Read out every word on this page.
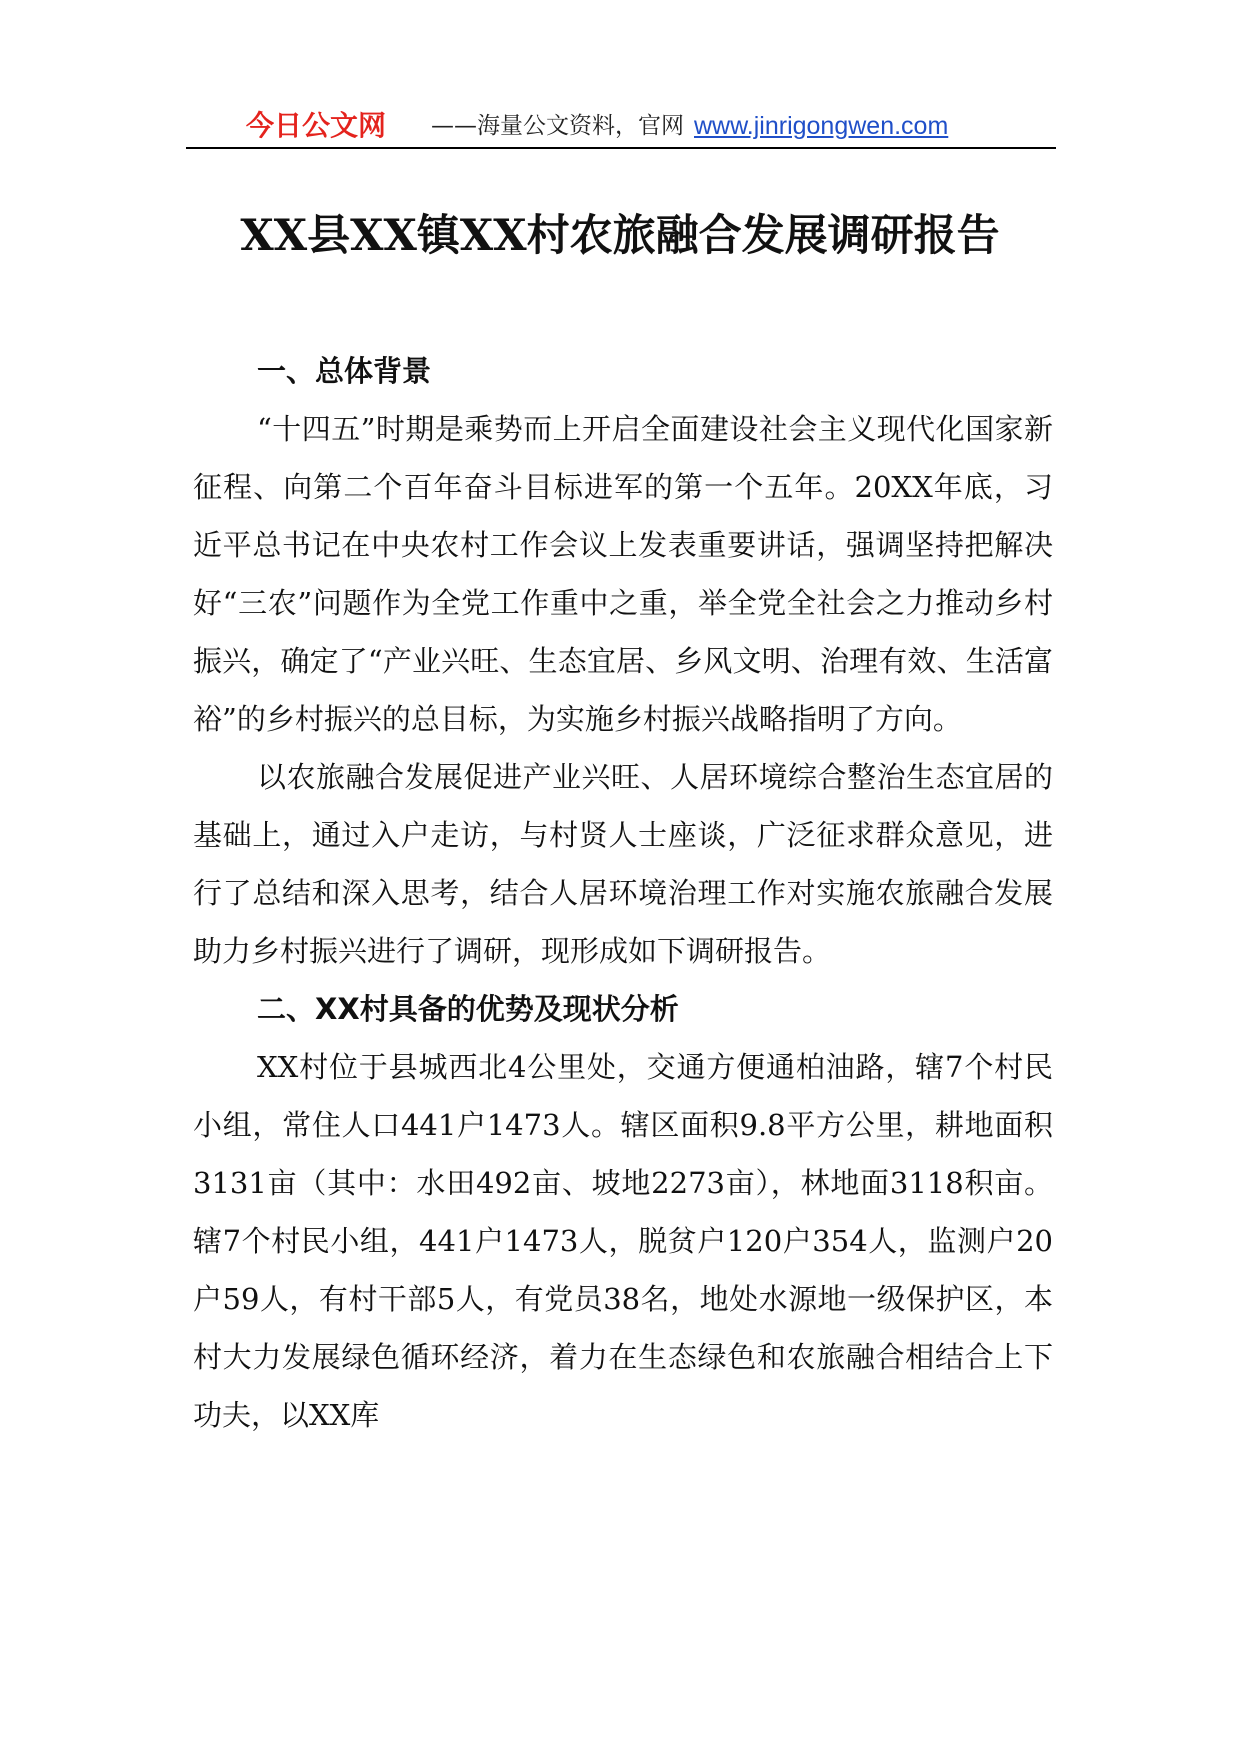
今日公文网 ——海量公文资料，官网 www.jinrigongwen.com
XX县XX镇XX村农旅融合发展调研报告
一、总体背景

“十四五”时期是乘势而上开启全面建设社会主义现代化国家新征程、向第二个百年奋斗目标进军的第一个五年。20XX年底，习近平总书记在中央农村工作会议上发表重要讲话，强调坚持把解决好“三农”问题作为全党工作重中之重，举全党全社会之力推动乡村振兴，确定了“产业兴旺、生态宜居、乡风文明、治理有效、生活富裕”的乡村振兴的总目标，为实施乡村振兴战略指明了方向。

以农旅融合发展促进产业兴旺、人居环境综合整治生态宜居的基础上，通过入户走访，与村贤人士座谈，广泛征求群众意见，进行了总结和深入思考，结合人居环境治理工作对实施农旅融合发展助力乡村振兴进行了调研，现形成如下调研报告。

二、XX村具备的优势及现状分析

XX村位于县城西北4公里处，交通方便通柏油路，辖7个村民小组，常住人口441户1473人。辖区面积9.8平方公里，耕地面积3131亩（其中：水田492亩、坡地2273亩），林地面3118积亩。辖7个村民小组，441户1473人，脱贫户120户354人，监测户20户59人，有村干部5人，有党员38名，地处水源地一级保护区，本村大力发展绿色循环经济，着力在生态绿色和农旅融合相结合上下功夫，以XX库
